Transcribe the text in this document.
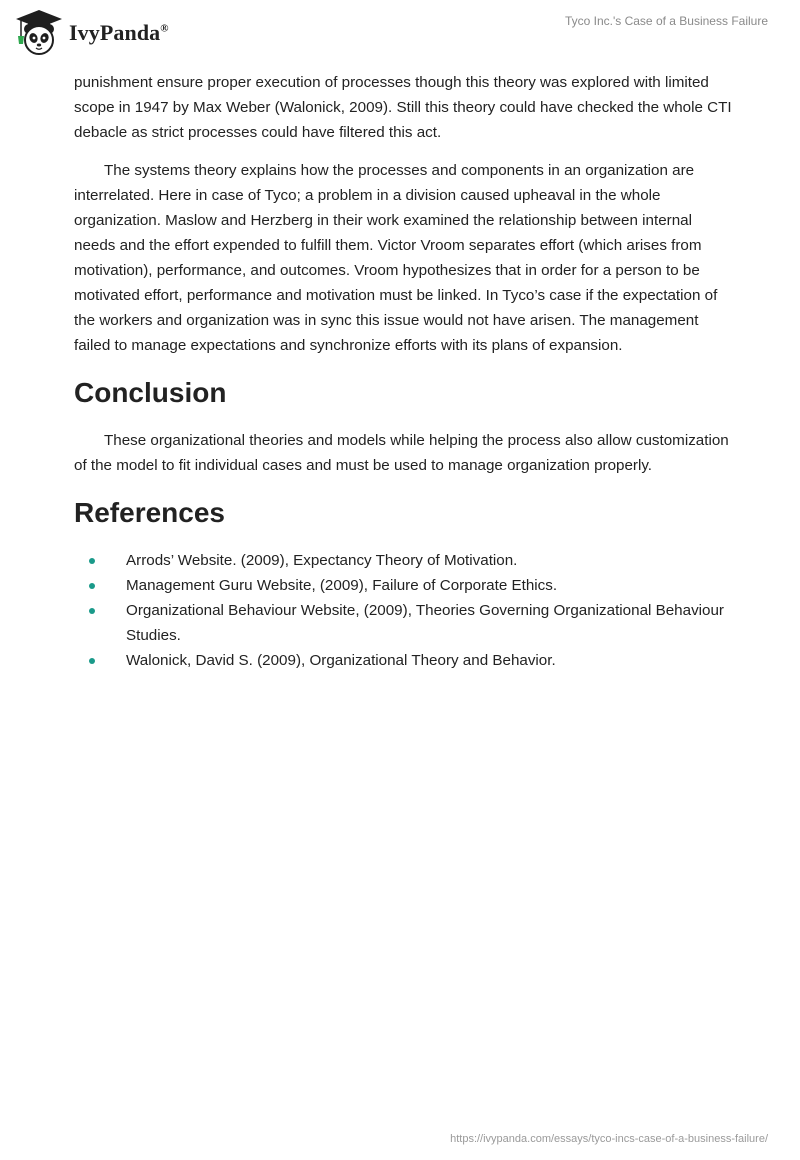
IvyPanda®
Tyco Inc.'s Case of a Business Failure

punishment ensure proper execution of processes though this theory was explored with limited scope in 1947 by Max Weber (Walonick, 2009). Still this theory could have checked the whole CTI debacle as strict processes could have filtered this act.

The systems theory explains how the processes and components in an organization are interrelated. Here in case of Tyco; a problem in a division caused upheaval in the whole organization. Maslow and Herzberg in their work examined the relationship between internal needs and the effort expended to fulfill them. Victor Vroom separates effort (which arises from motivation), performance, and outcomes. Vroom hypothesizes that in order for a person to be motivated effort, performance and motivation must be linked. In Tyco’s case if the expectation of the workers and organization was in sync this issue would not have arisen. The management failed to manage expectations and synchronize efforts with its plans of expansion.

Conclusion

These organizational theories and models while helping the process also allow customization of the model to fit individual cases and must be used to manage organization properly.

References
Arrods’ Website. (2009), Expectancy Theory of Motivation.
Management Guru Website, (2009), Failure of Corporate Ethics.
Organizational Behaviour Website, (2009), Theories Governing Organizational Behaviour Studies.
Walonick, David S. (2009), Organizational Theory and Behavior.
https://ivypanda.com/essays/tyco-incs-case-of-a-business-failure/
